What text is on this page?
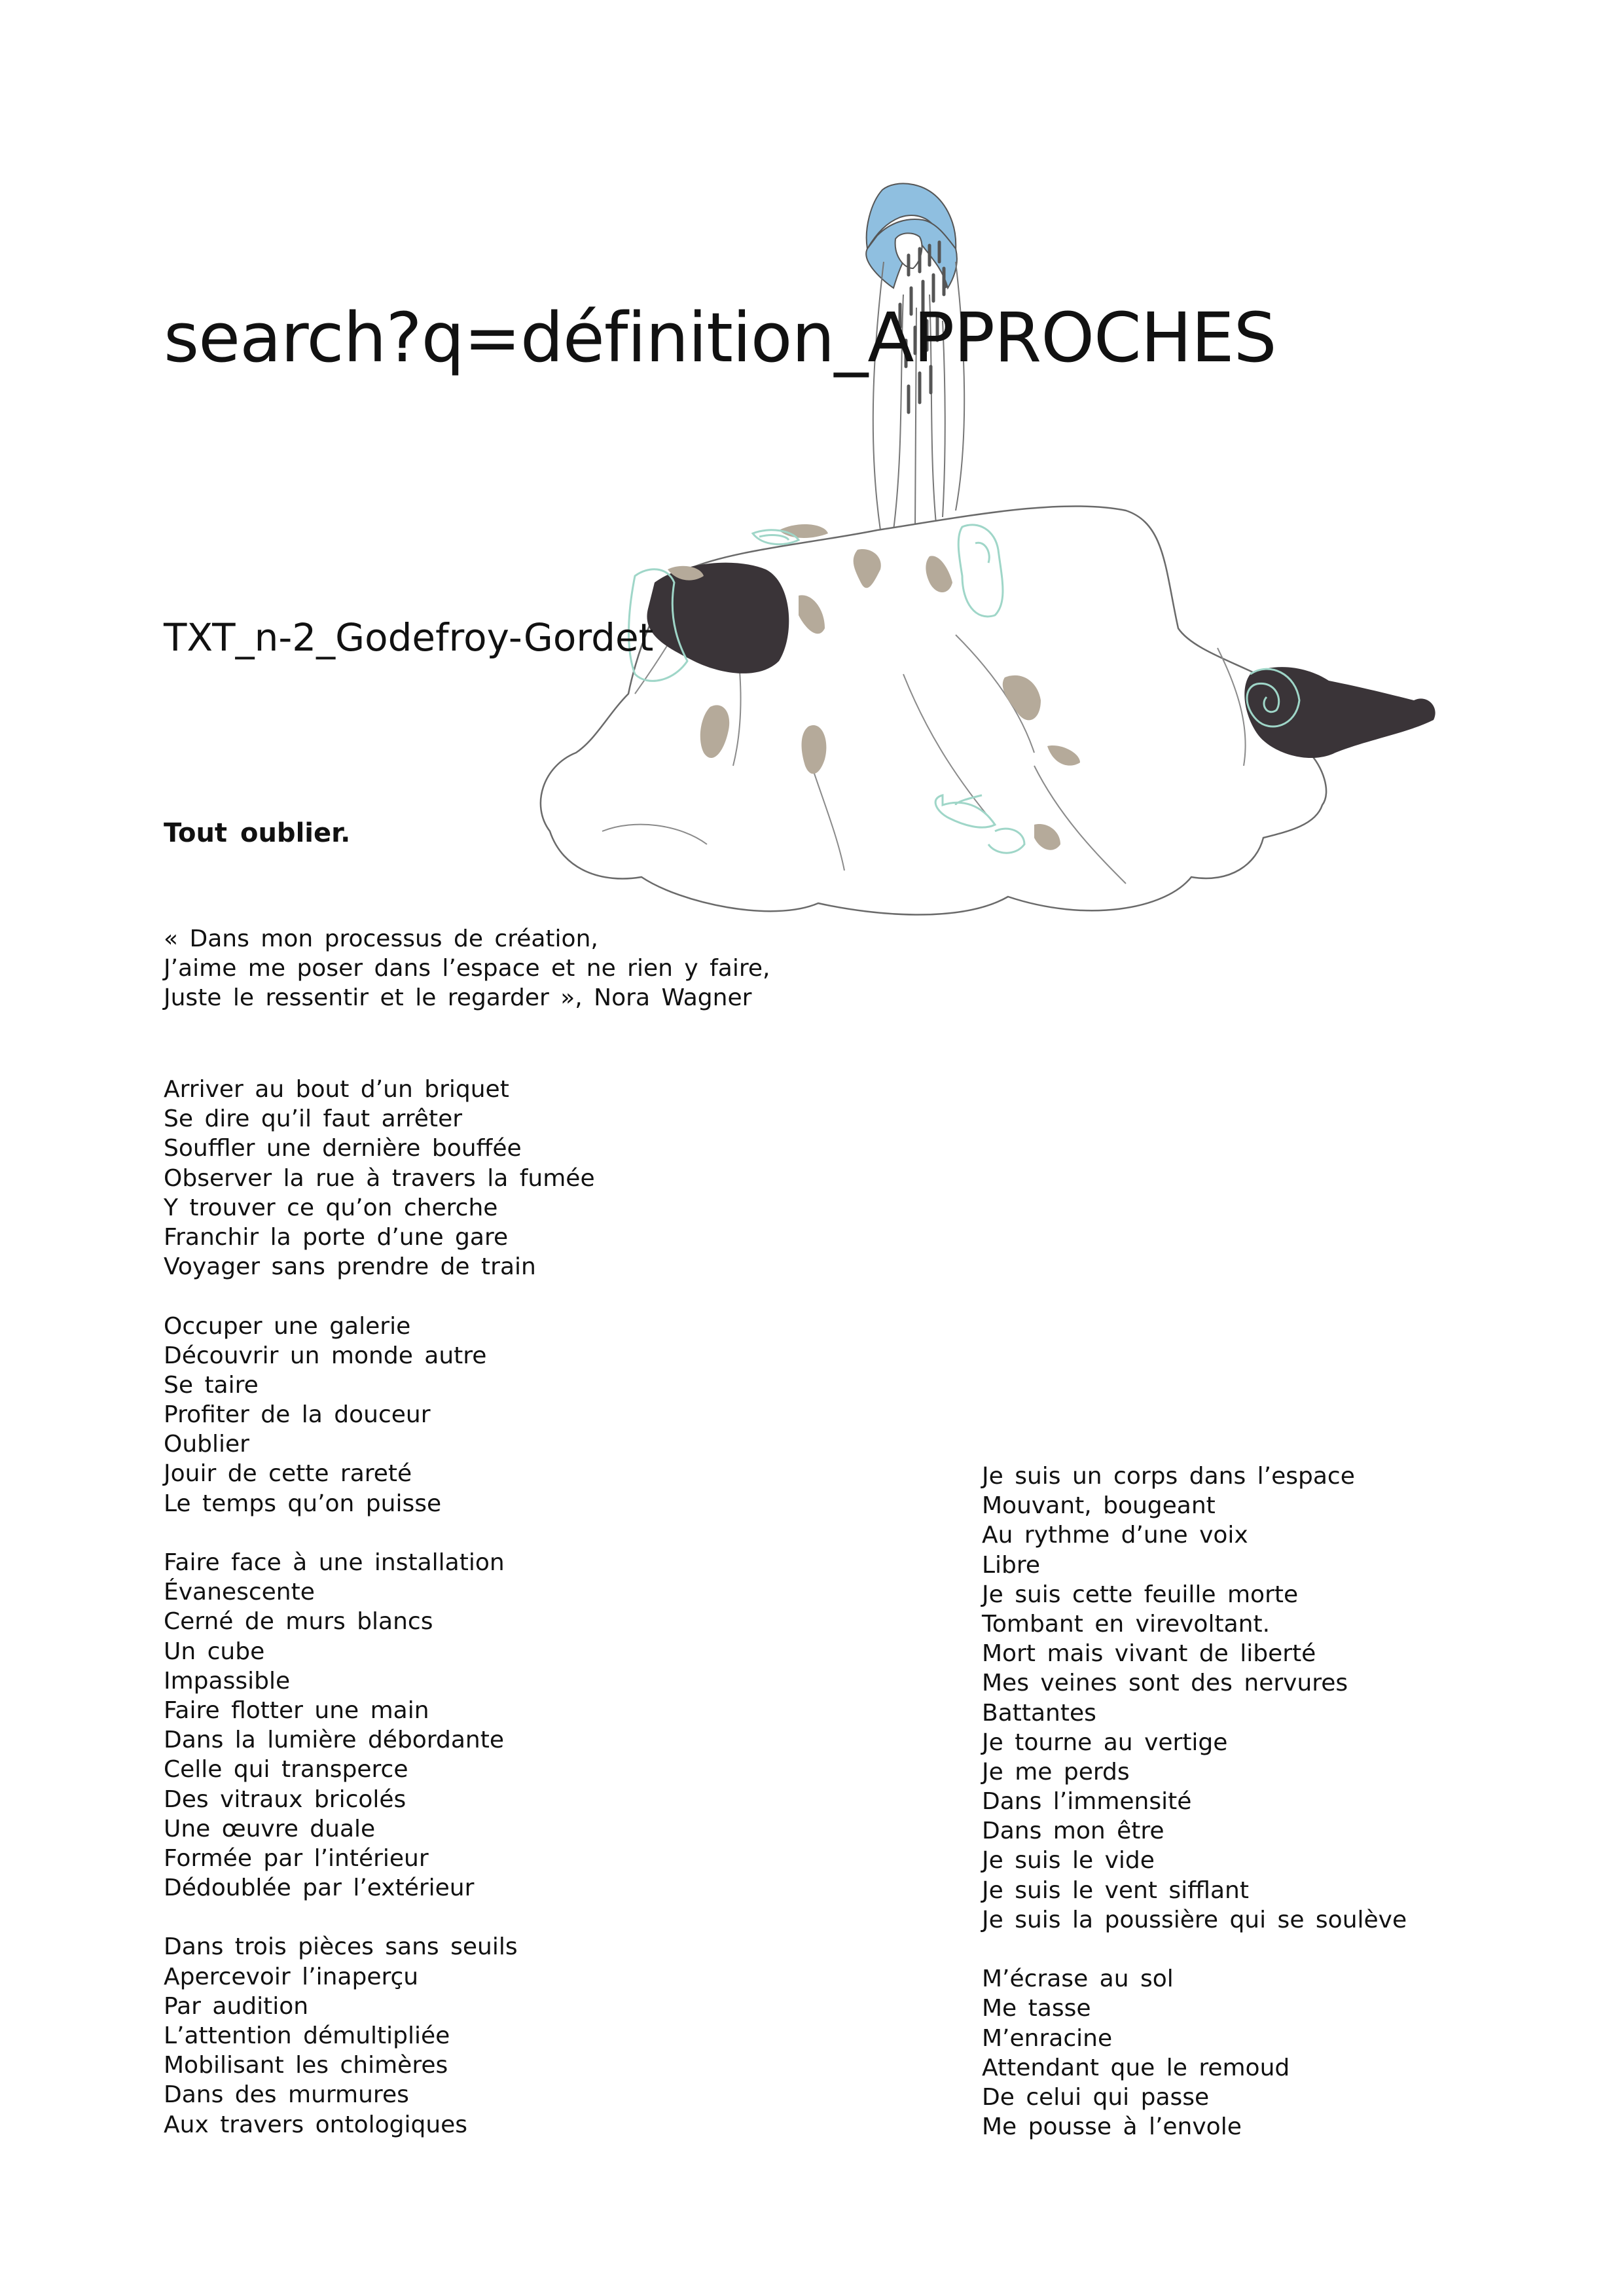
search?q=définition_APPROCHES
TXT_n-2_Godefroy-Gordet

Tout oublier.

« Dans mon processus de création,
J’aime me poser dans l’espace et ne rien y faire,
Juste le ressentir et le regarder », Nora Wagner
Arriver au bout d’un briquet
Se dire qu’il faut arrêter
Souffler une dernière bouffée
Observer la rue à travers la fumée
Y trouver ce qu’on cherche
Franchir la porte d’une gare
Voyager sans prendre de train
Occuper une galerie
Découvrir un monde autre
Se taire
Profiter de la douceur
Oublier
Jouir de cette rareté
Le temps qu’on puisse
Faire face à une installation
Évanescente
Cerné de murs blancs
Un cube
Impassible
Faire flotter une main
Dans la lumière débordante
Celle qui transperce
Des vitraux bricolés
Une œuvre duale
Formée par l’intérieur
Dédoublée par l’extérieur
Dans trois pièces sans seuils
Apercevoir l’inaperçu
Par audition
L’attention démultipliée
Mobilisant les chimères
Dans des murmures
Aux travers ontologiques
Je suis un corps dans l’espace
Mouvant, bougeant
Au rythme d’une voix
Libre
Je suis cette feuille morte
Tombant en virevoltant.
Mort mais vivant de liberté
Mes veines sont des nervures
Battantes
Je tourne au vertige
Je me perds
Dans l’immensité
Dans mon être
Je suis le vide
Je suis le vent sifflant
Je suis la poussière qui se soulève
M’écrase au sol
Me tasse
M’enracine
Attendant que le remoud
De celui qui passe
Me pousse à l’envole
